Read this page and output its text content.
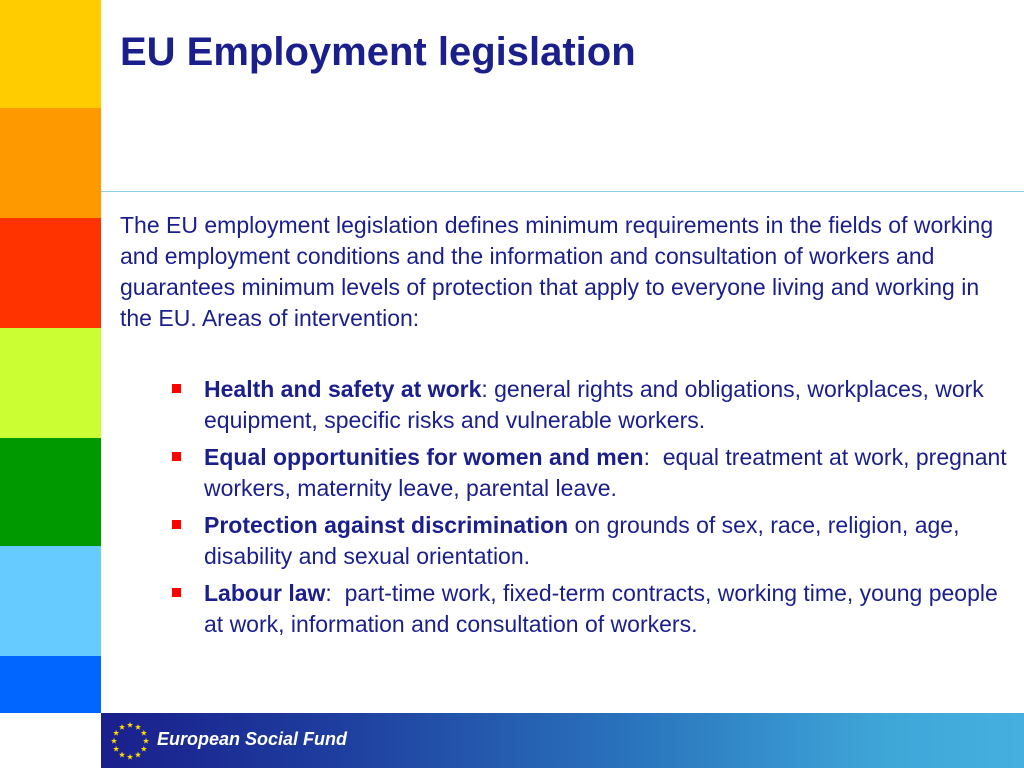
EU Employment legislation

The EU employment legislation defines minimum requirements in the fields of working and employment conditions and the information and consultation of workers and guarantees minimum levels of protection that apply to everyone living and working in the EU. Areas of intervention:

Health and safety at work: general rights and obligations, workplaces, work equipment, specific risks and vulnerable workers.
Equal opportunities for women and men:  equal treatment at work, pregnant workers, maternity leave, parental leave.
Protection against discrimination on grounds of sex, race, religion, age, disability and sexual orientation.
Labour law:  part-time work, fixed-term contracts, working time, young people at work, information and consultation of workers.
European Social Fund
